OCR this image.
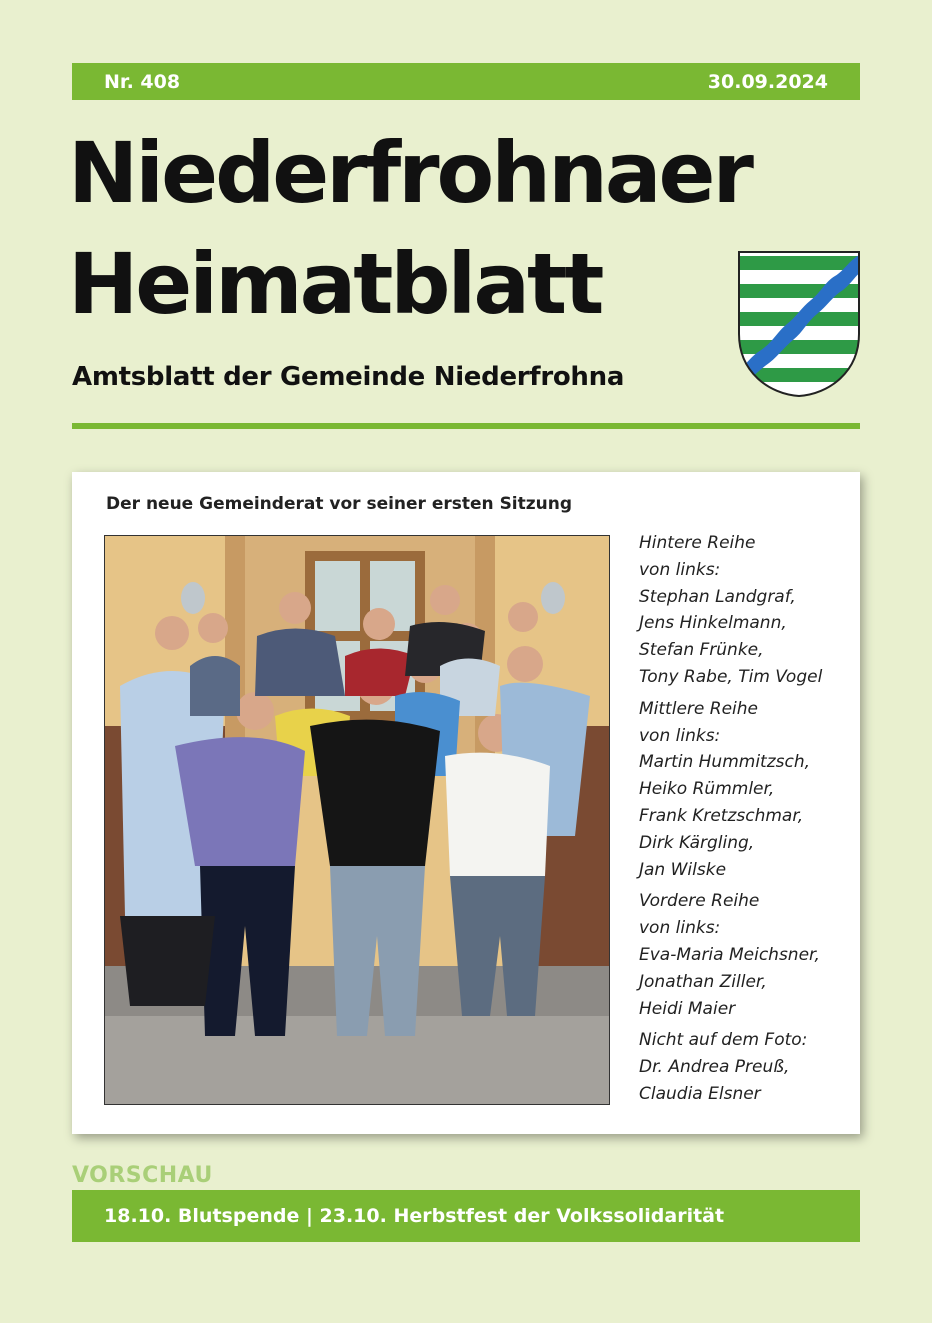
Nr. 408	30.09.2024
Niederfrohnaer
Heimatblatt

Amtsblatt der Gemeinde Niederfrohna

Der neue Gemeinderat vor seiner ersten Sitzung

Hintere Reihe
von links:
Stephan Landgraf,
Jens Hinkelmann,
Stefan Frünke,
Tony Rabe, Tim Vogel
Mittlere Reihe
von links:
Martin Hummitzsch,
Heiko Rümmler,
Frank Kretzschmar,
Dirk Kärgling,
Jan Wilske
Vordere Reihe
von links:
Eva-Maria Meichsner,
Jonathan Ziller,
Heidi Maier
Nicht auf dem Foto:
Dr. Andrea Preuß,
Claudia Elsner
VORSCHAU
18.10. Blutspende | 23.10. Herbstfest der Volkssolidarität
